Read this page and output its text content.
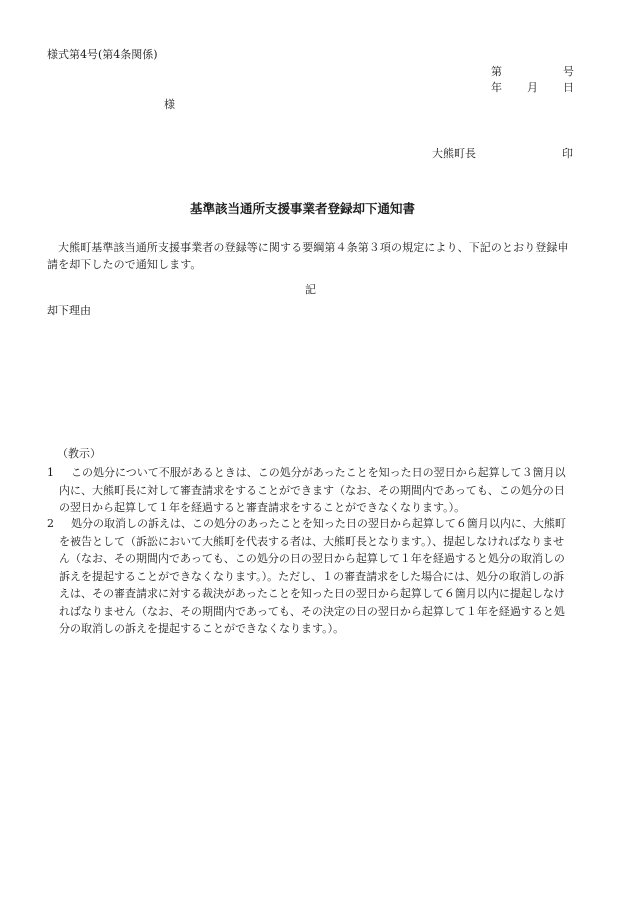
様式第4号(第4条関係)
第	号
年 月 日
様
大熊町長	印
基準該当通所支援事業者登録却下通知書
大熊町基準該当通所支援事業者の登録等に関する要綱第４条第３項の規定により、下記のとおり登録申請を却下したので通知します。
記
却下理由
（教示）
1	この処分について不服があるときは、この処分があったことを知った日の翌日から起算して３箇月以内に、大熊町長に対して審査請求をすることができます（なお、その期間内であっても、この処分の日の翌日から起算して１年を経過すると審査請求をすることができなくなります。）。
2	処分の取消しの訴えは、この処分のあったことを知った日の翌日から起算して６箇月以内に、大熊町を被告として（訴訟において大熊町を代表する者は、大熊町長となります。）、提起しなければなりません（なお、その期間内であっても、この処分の日の翌日から起算して１年を経過すると処分の取消しの訴えを提起することができなくなります。）。ただし、１の審査請求をした場合には、処分の取消しの訴えは、その審査請求に対する裁決があったことを知った日の翌日から起算して６箇月以内に提起しなければなりません（なお、その期間内であっても、その決定の日の翌日から起算して１年を経過すると処分の取消しの訴えを提起することができなくなります。）。
